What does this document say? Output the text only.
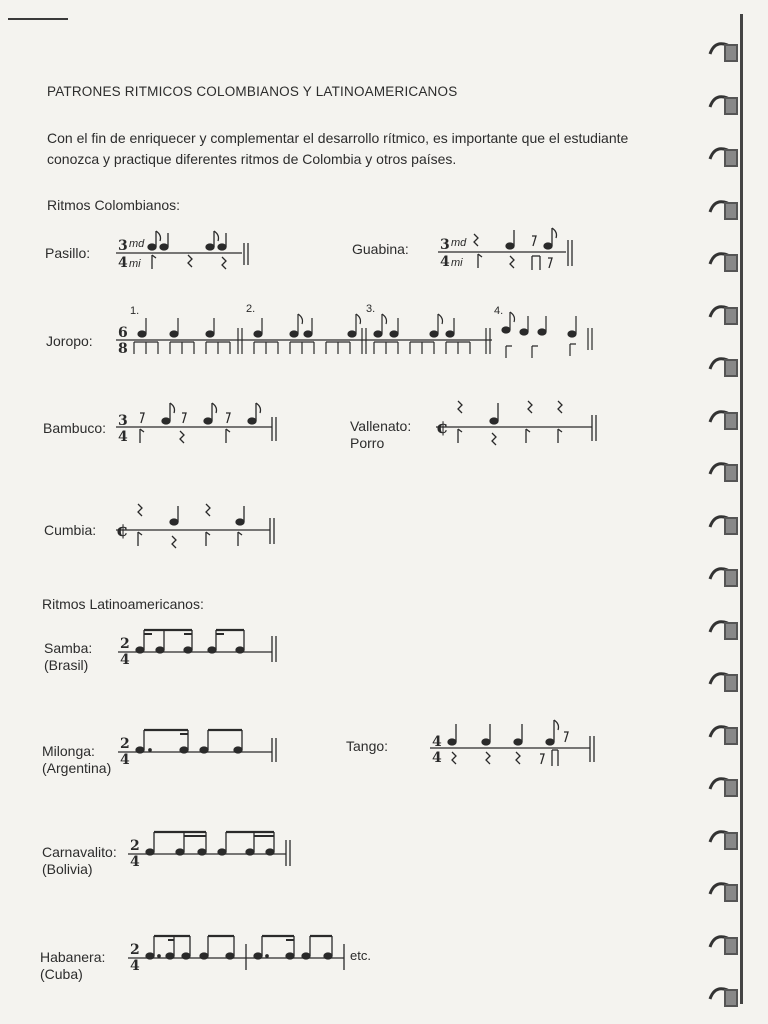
PATRONES RITMICOS COLOMBIANOS Y LATINOAMERICANOS
Con el fin de enriquecer y complementar el desarrollo rítmico, es importante que el estudiante conozca y practique diferentes ritmos de Colombia y otros países.
Ritmos Colombianos:
Ritmos Latinoamericanos:
Pasillo:	Guabina:
Joropo:
Bambuco:	Vallenato:
Porro
Cumbia:
Samba:
(Brasil)
Milonga:
(Argentina)
Tango:
Carnavalito:
(Bolivia)
Habanera:
(Cuba)
3
4
md
mi
3
4
md
mi
6
8
1.	2.	3.	4.
3
4	¢
¢
2
4
2
4
4
4
2
4
2
4
etc.
